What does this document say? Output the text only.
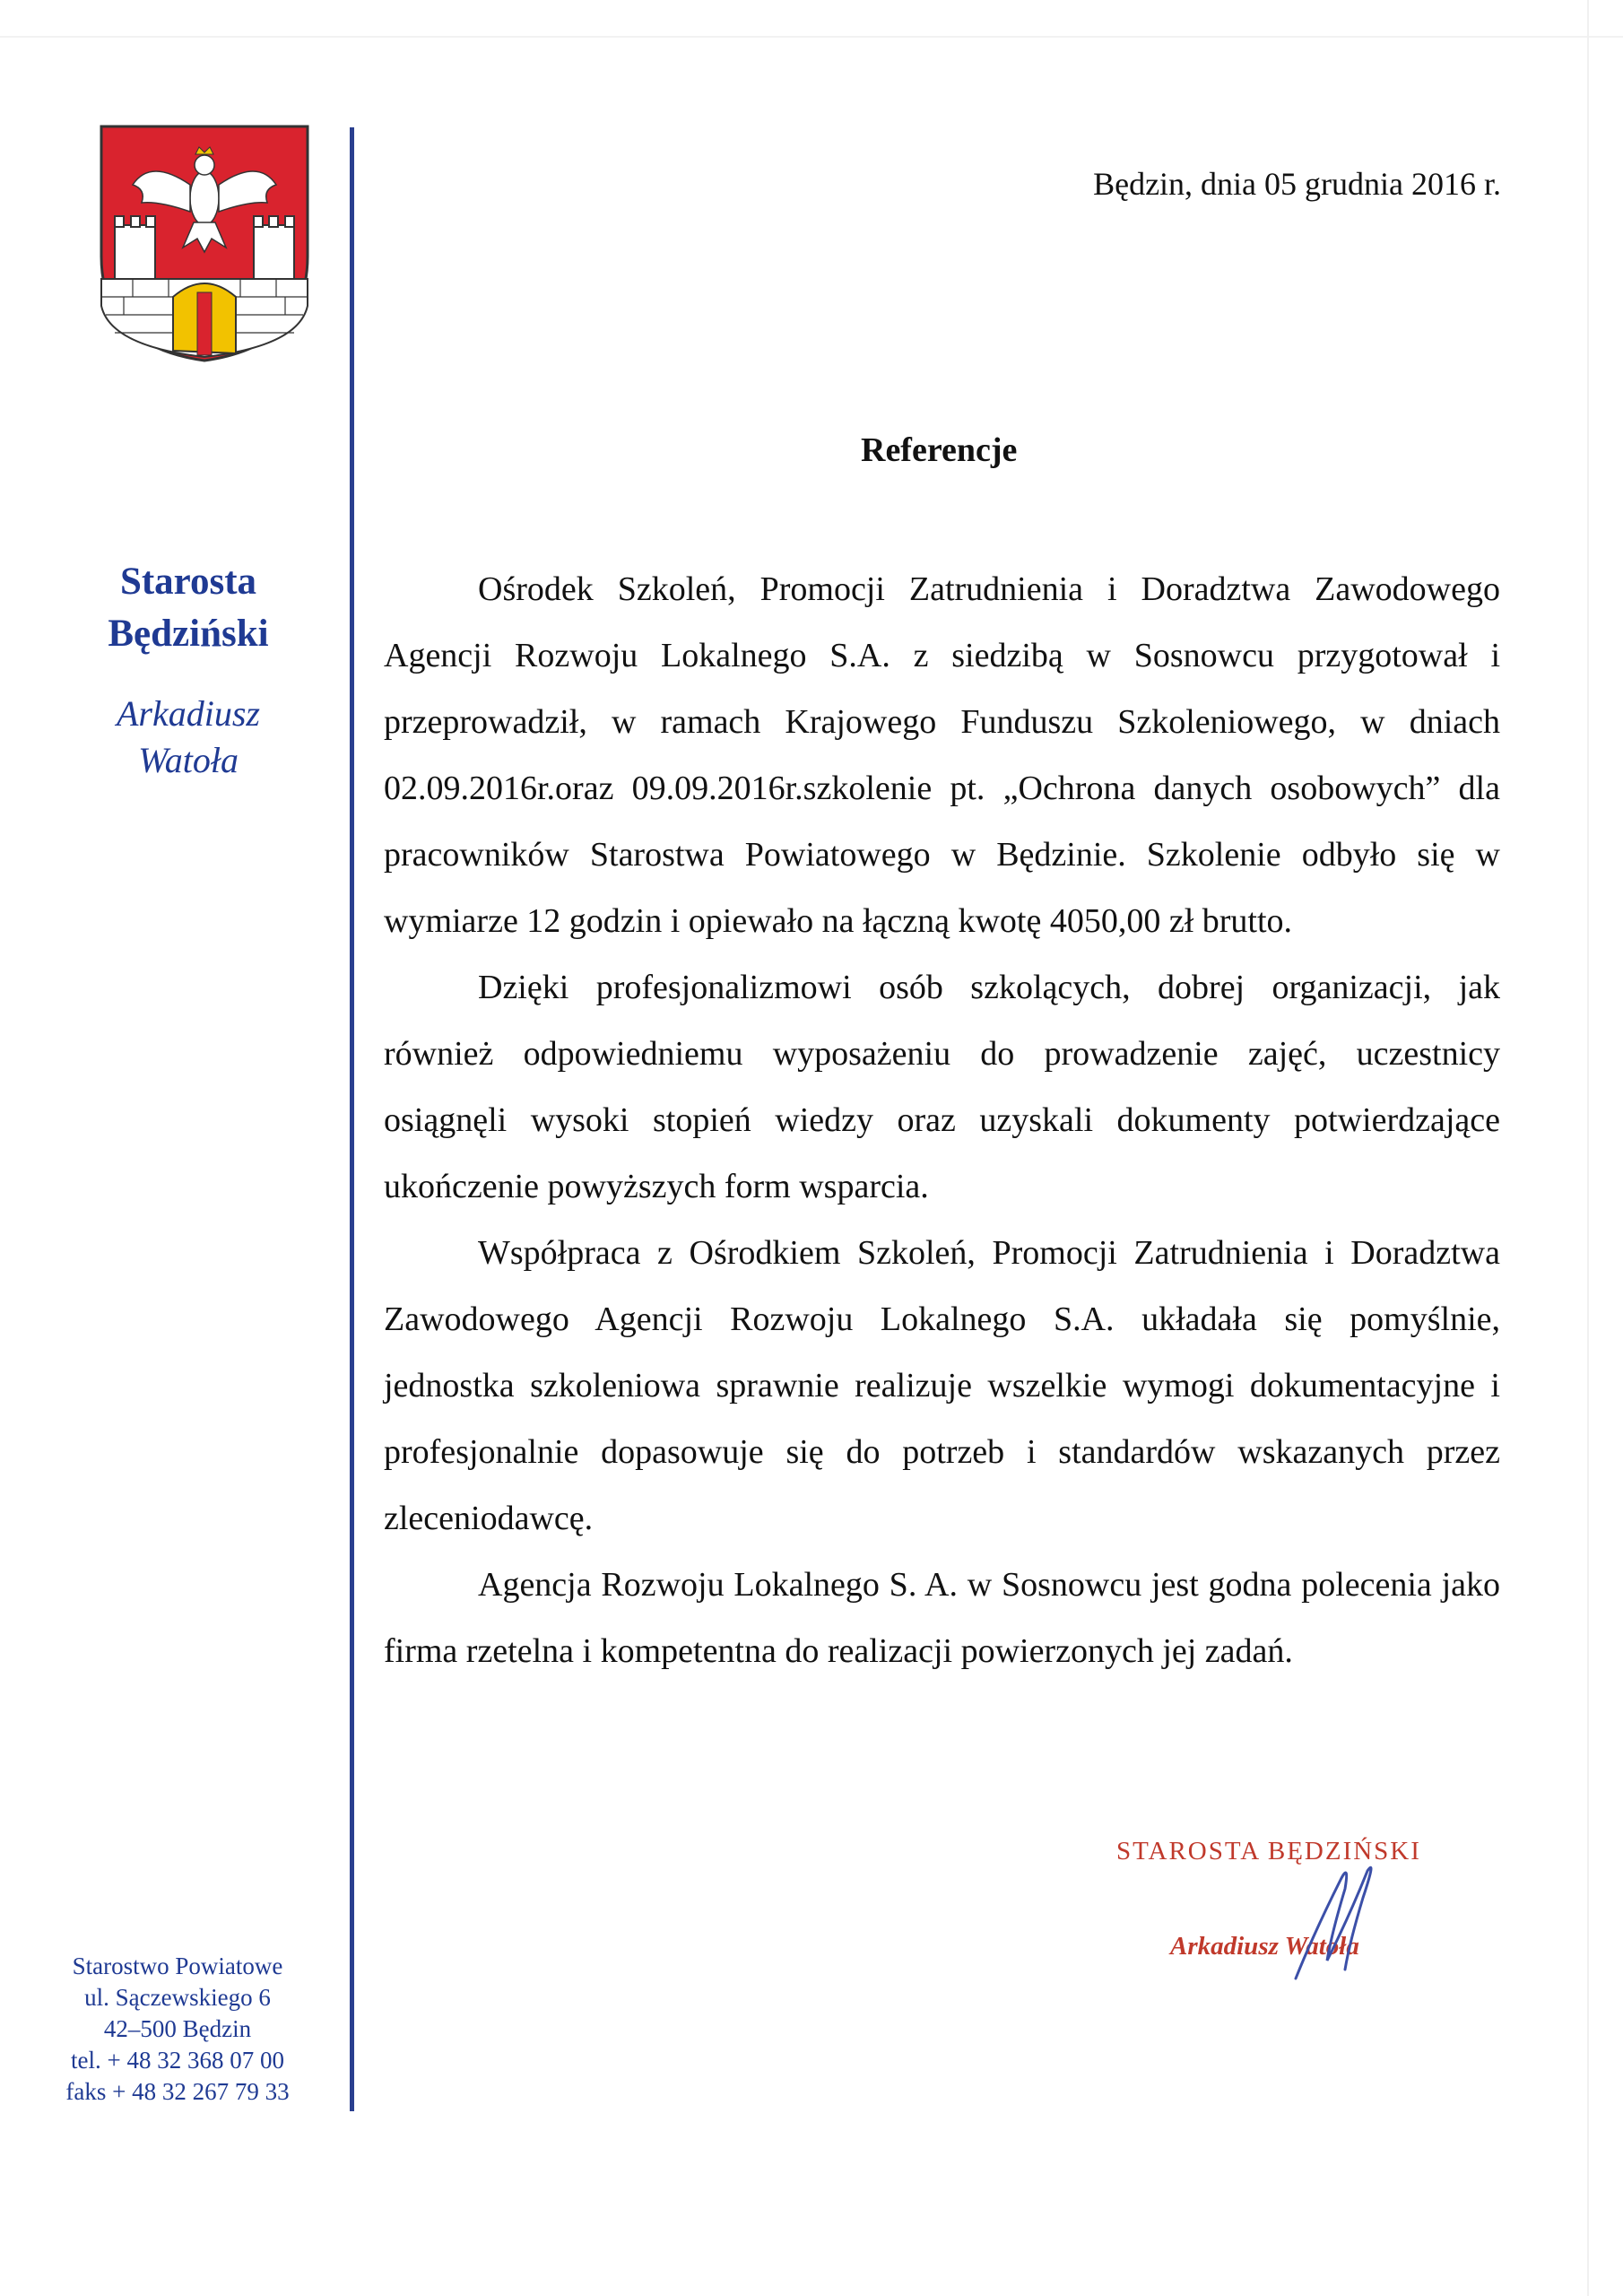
Starosta
Będziński
Arkadiusz
Watoła
Starostwo Powiatowe
ul. Sączewskiego 6
42–500 Będzin
tel. + 48 32 368 07 00
faks + 48 32 267 79 33
Będzin, dnia 05 grudnia 2016 r.
Referencje

Ośrodek Szkoleń, Promocji Zatrudnienia i Doradztwa Zawodowego Agencji Rozwoju Lokalnego S.A. z siedzibą w Sosnowcu przygotował i przeprowadził, w ramach Krajowego Funduszu Szkoleniowego, w dniach 02.09.2016r.oraz 09.09.2016r.szkolenie pt. „Ochrona danych osobowych” dla pracowników Starostwa Powiatowego w Będzinie. Szkolenie odbyło się w wymiarze 12 godzin i opiewało na łączną kwotę 4050,00 zł brutto.

Dzięki profesjonalizmowi osób szkolących, dobrej organizacji, jak również odpowiedniemu wyposażeniu do prowadzenie zajęć, uczestnicy osiągnęli wysoki stopień wiedzy oraz uzyskali dokumenty potwierdzające ukończenie powyższych form wsparcia.

Współpraca z Ośrodkiem Szkoleń, Promocji Zatrudnienia i Doradztwa Zawodowego Agencji Rozwoju Lokalnego S.A. układała się pomyślnie, jednostka szkoleniowa sprawnie realizuje wszelkie wymogi dokumentacyjne i profesjonalnie dopasowuje się do potrzeb i standardów wskazanych przez zleceniodawcę.

Agencja Rozwoju Lokalnego S. A. w Sosnowcu jest godna polecenia jako firma rzetelna i kompetentna do realizacji powierzonych jej zadań.

STAROSTA BĘDZIŃSKI
Arkadiusz Watoła
